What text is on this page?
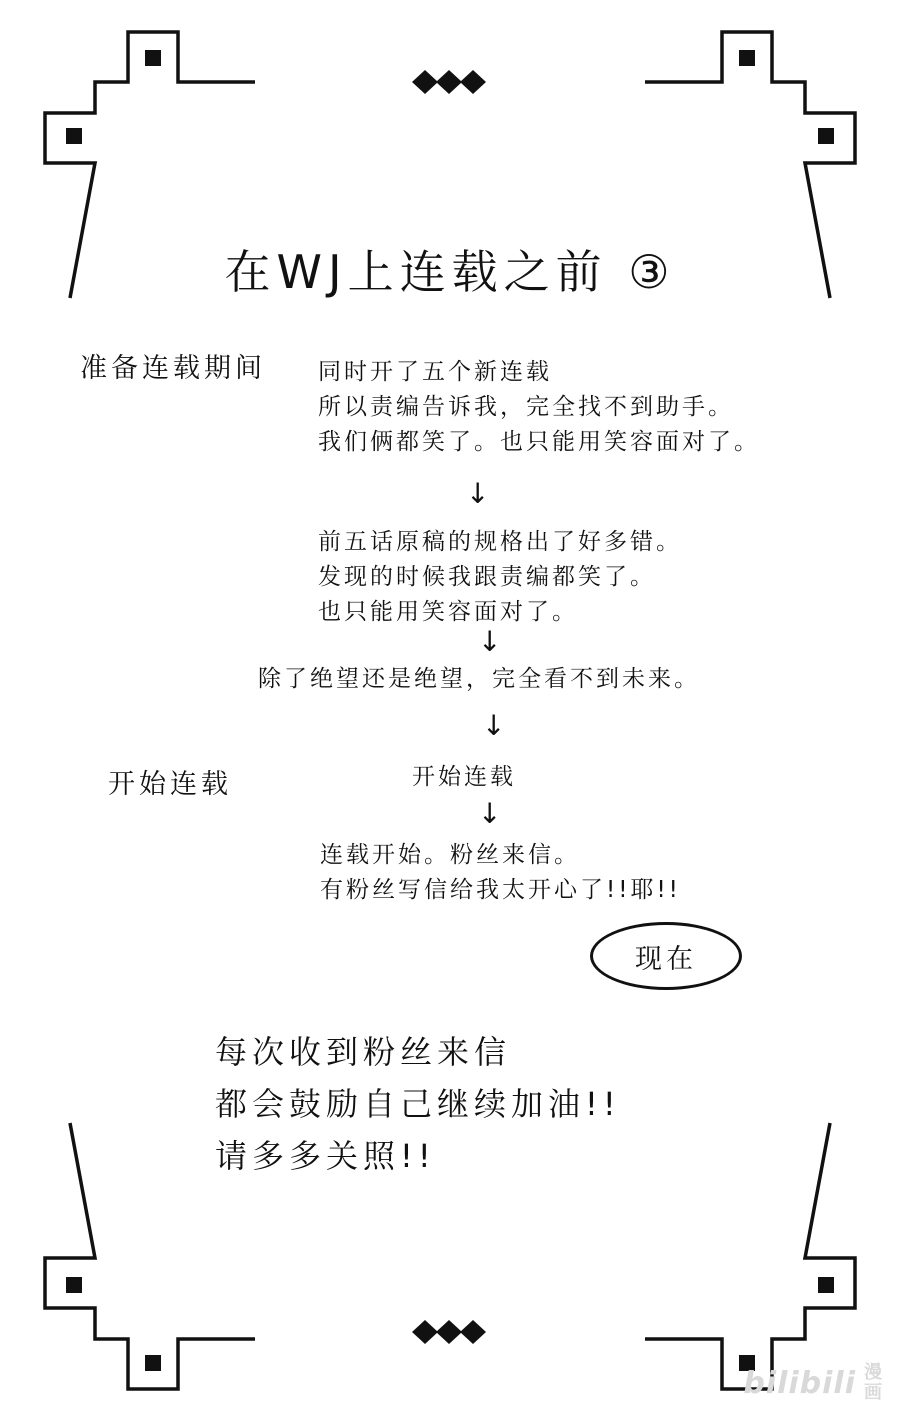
在WJ上连载之前 ③
准备连载期间
开始连载
同时开了五个新连载
所以责编告诉我，完全找不到助手。
我们俩都笑了。也只能用笑容面对了。
↓
前五话原稿的规格出了好多错。
发现的时候我跟责编都笑了。
也只能用笑容面对了。
↓
除了绝望还是绝望，完全看不到未来。
↓
开始连载
↓
连载开始。粉丝来信。
有粉丝写信给我太开心了!!耶!!
现在
每次收到粉丝来信
都会鼓励自己继续加油!!
请多多关照!!
bilibili 漫画
